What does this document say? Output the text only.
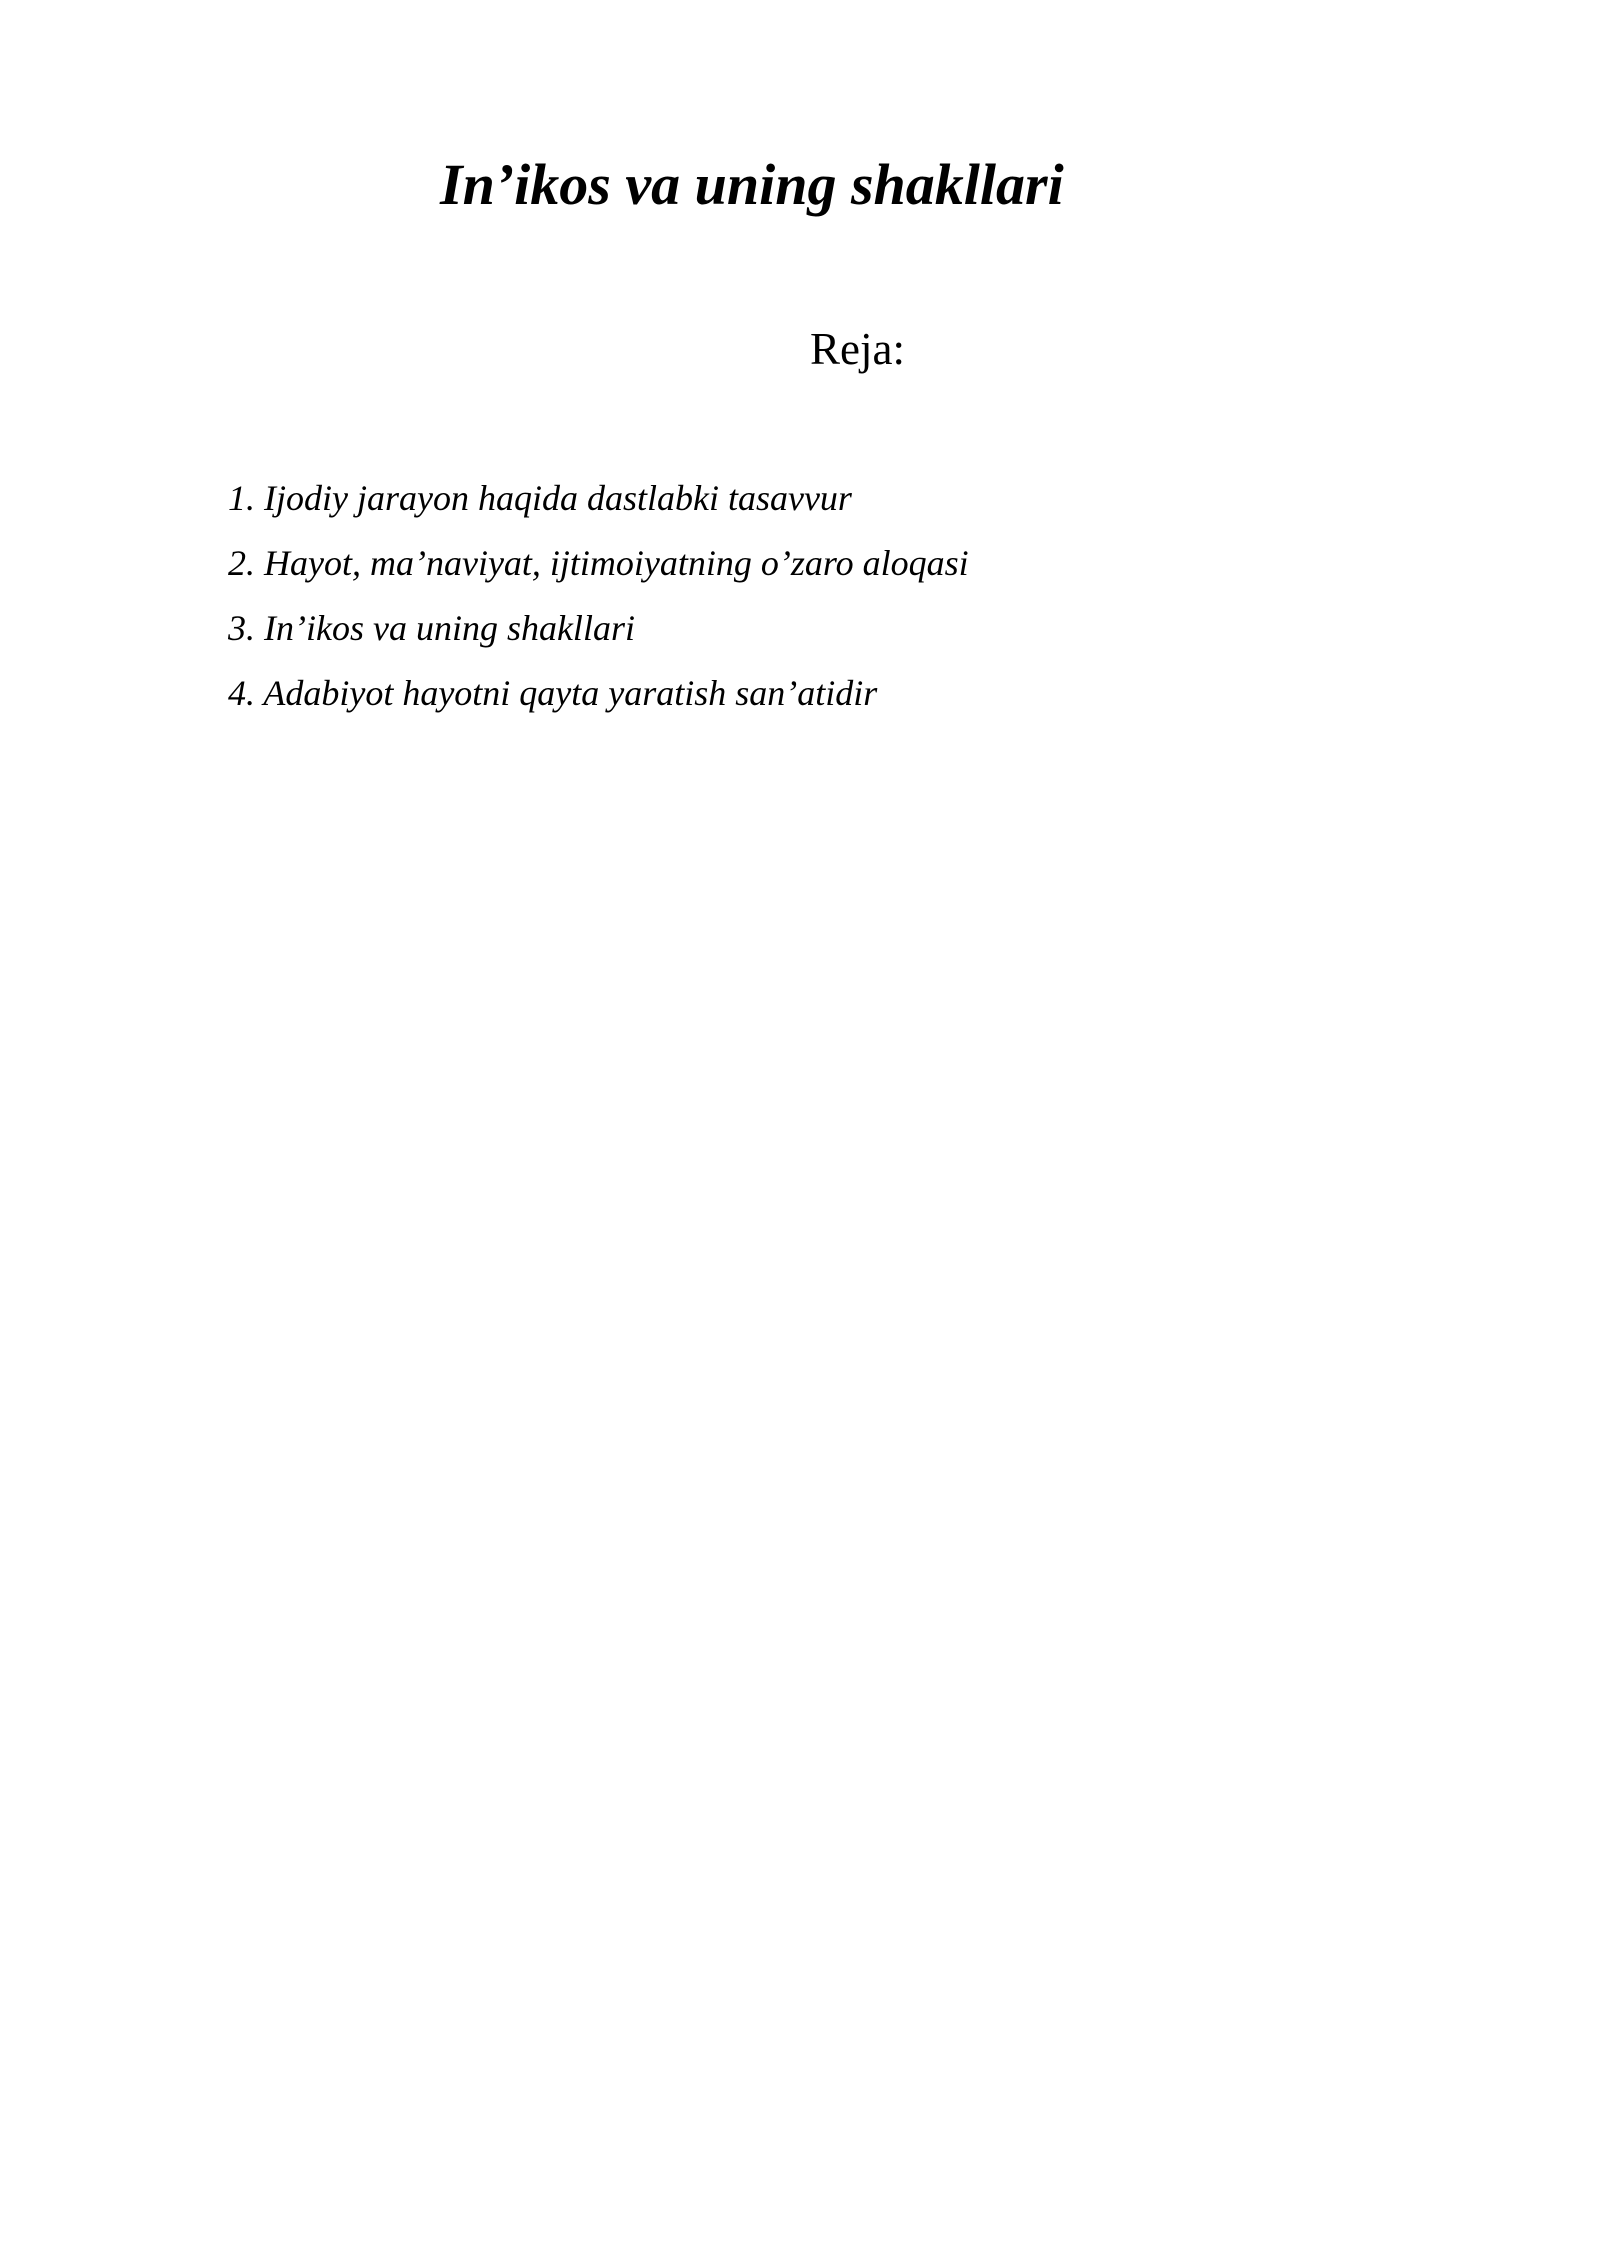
In’ikos va uning shakllari
Reja:
1. Ijodiy jarayon haqida dastlabki tasavvur
2. Hayot, ma’naviyat, ijtimoiyatning o’zaro aloqasi
3. In’ikos va uning shakllari
4. Adabiyot hayotni qayta yaratish san’atidir
